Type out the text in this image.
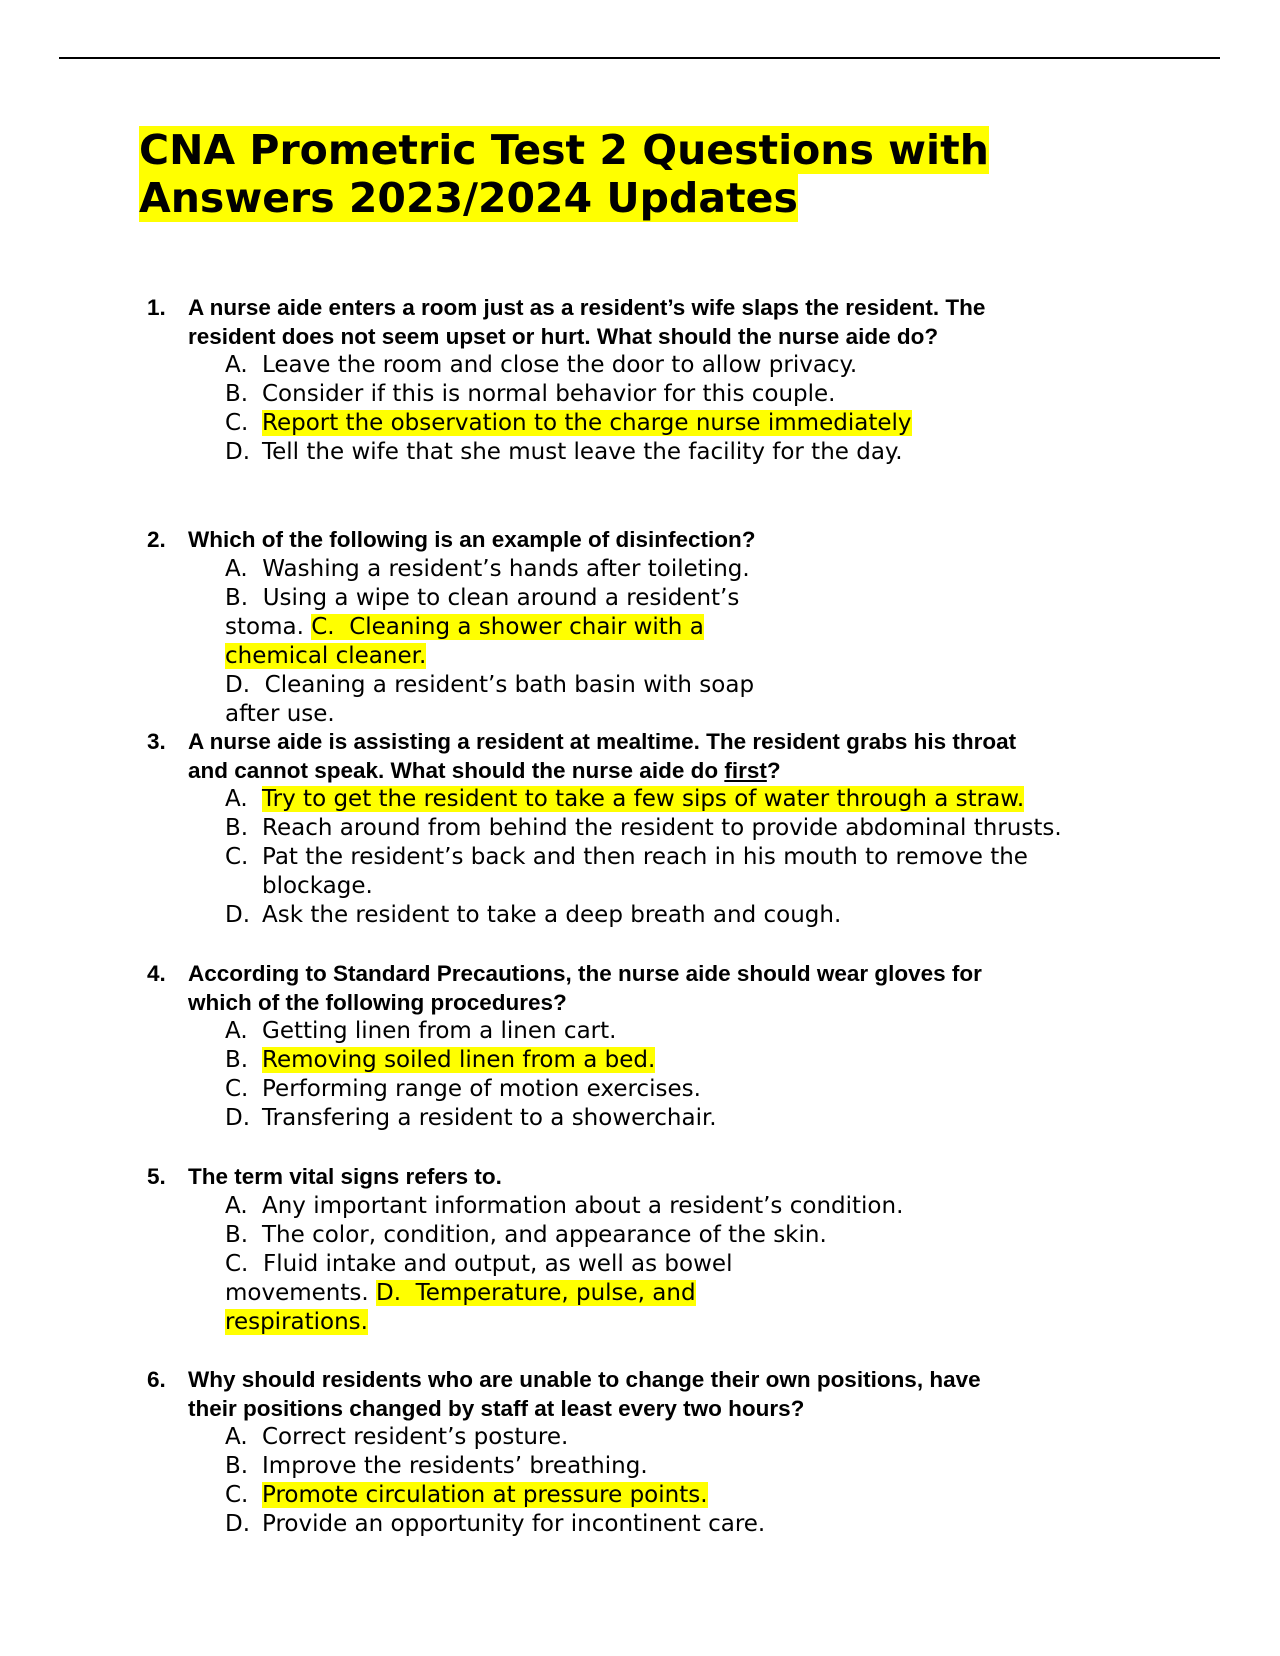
CNA Prometric Test 2 Questions with Answers 2023/2024 Updates
1. A nurse aide enters a room just as a resident’s wife slaps the resident. The resident does not seem upset or hurt. What should the nurse aide do?

A. Leave the room and close the door to allow privacy.
B. Consider if this is normal behavior for this couple.
C. Report the observation to the charge nurse immediately
D. Tell the wife that she must leave the facility for the day.
2. Which of the following is an example of disinfection?

A. Washing a resident’s hands after toileting.
B. Using a wipe to clean around a resident’s stoma. C. Cleaning a shower chair with a chemical cleaner.
D. Cleaning a resident’s bath basin with soap after use.
3. A nurse aide is assisting a resident at mealtime. The resident grabs his throat and cannot speak. What should the nurse aide do first?

A. Try to get the resident to take a few sips of water through a straw.
B. Reach around from behind the resident to provide abdominal thrusts.
C. Pat the resident’s back and then reach in his mouth to remove the blockage.
D. Ask the resident to take a deep breath and cough.
4. According to Standard Precautions, the nurse aide should wear gloves for which of the following procedures?

A. Getting linen from a linen cart.
B. Removing soiled linen from a bed.
C. Performing range of motion exercises.
D. Transfering a resident to a showerchair.
5. The term vital signs refers to.

A. Any important information about a resident’s condition.
B. The color, condition, and appearance of the skin.
C. Fluid intake and output, as well as bowel movements. D. Temperature, pulse, and respirations.
6. Why should residents who are unable to change their own positions, have their positions changed by staff at least every two hours?

A. Correct resident’s posture.
B. Improve the residents’ breathing.
C. Promote circulation at pressure points.
D. Provide an opportunity for incontinent care.
